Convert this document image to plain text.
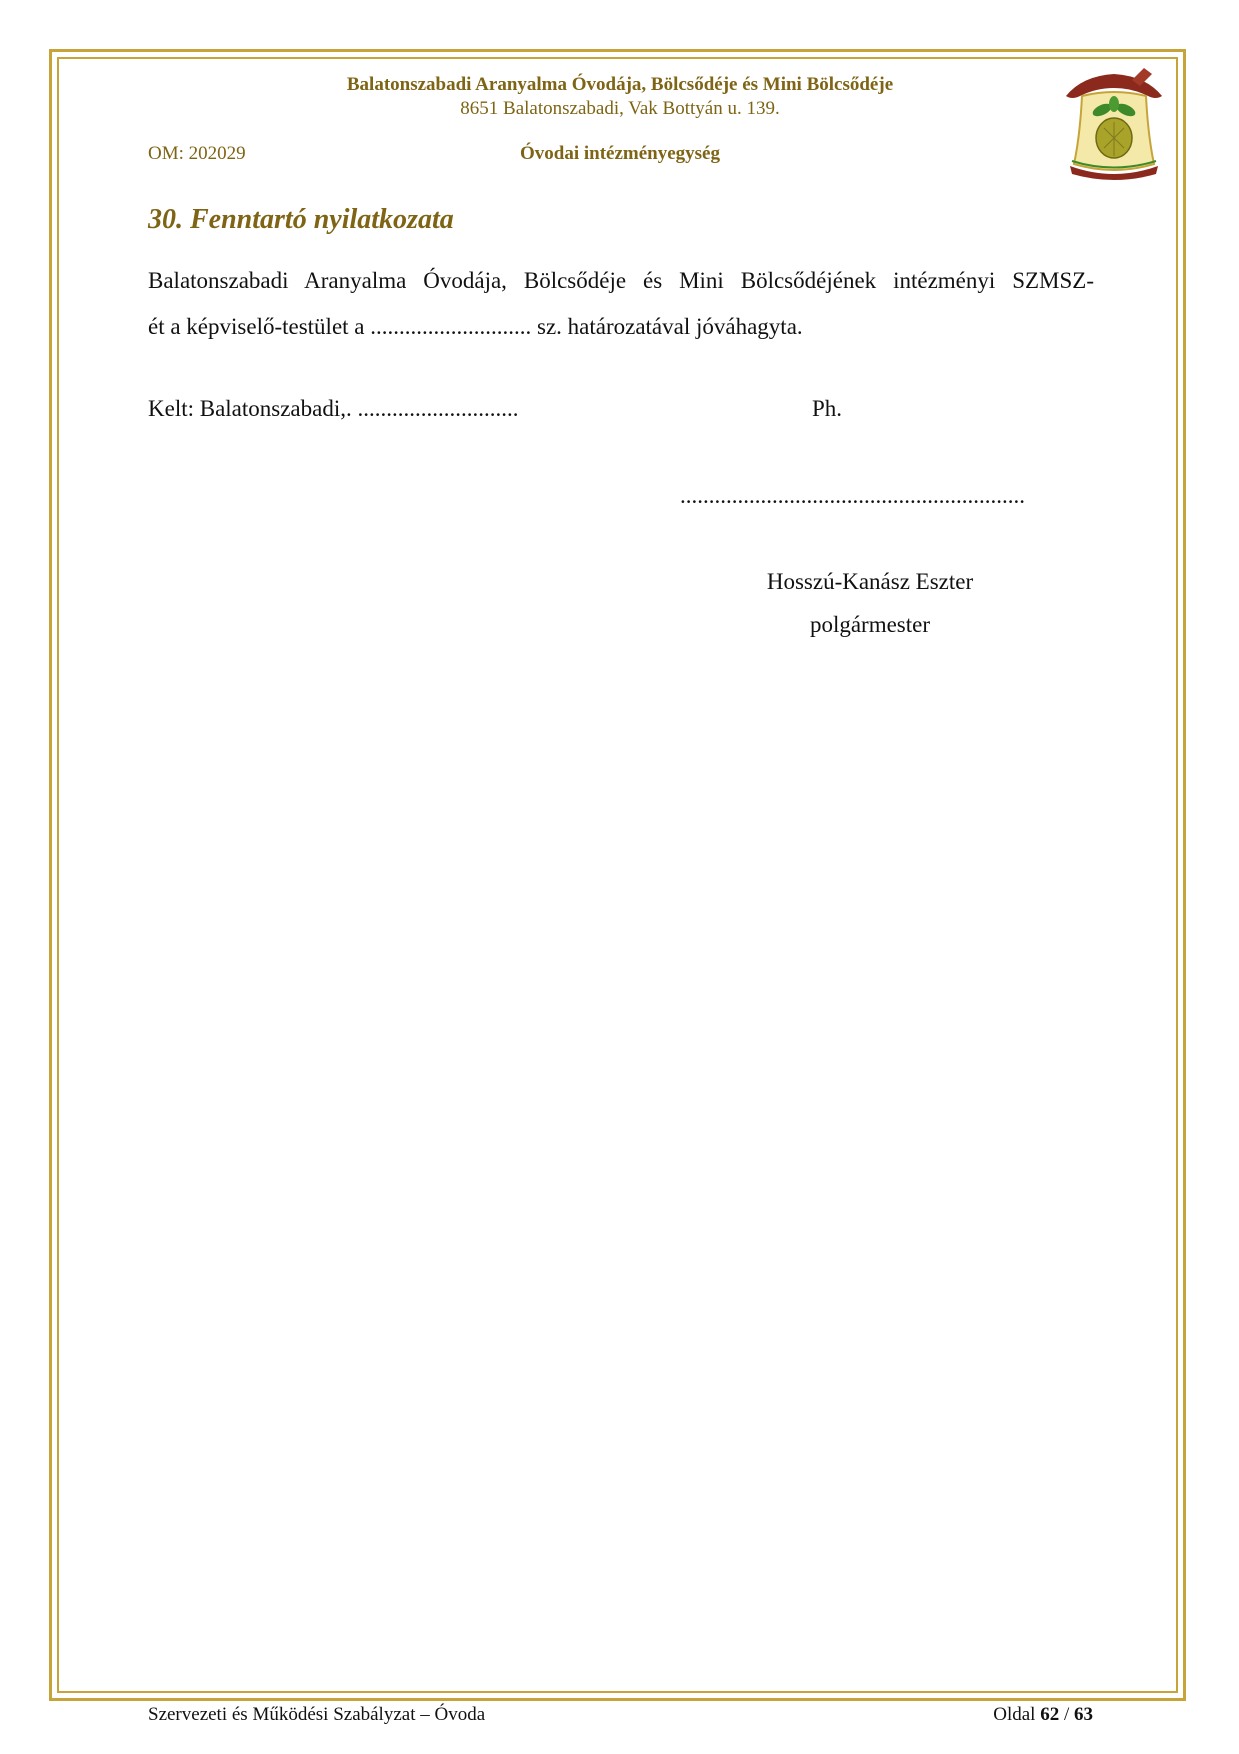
Balatonszabadi Aranyalma Óvodája, Bölcsődéje és Mini Bölcsődéje
8651 Balatonszabadi, Vak Bottyán u. 139.
OM: 202029	Óvodai intézményegység
30. Fenntartó nyilatkozata
Balatonszabadi Aranyalma Óvodája, Bölcsődéje és Mini Bölcsődéjének intézményi SZMSZ-
ét a képviselő-testület a ............................ sz. határozatával jóváhagyta.
Kelt: Balatonszabadi,. ............................	Ph.
............................................................
Hosszú-Kanász Eszter
polgármester
Szervezeti és Működési Szabályzat – Óvoda	Oldal 62 / 63
